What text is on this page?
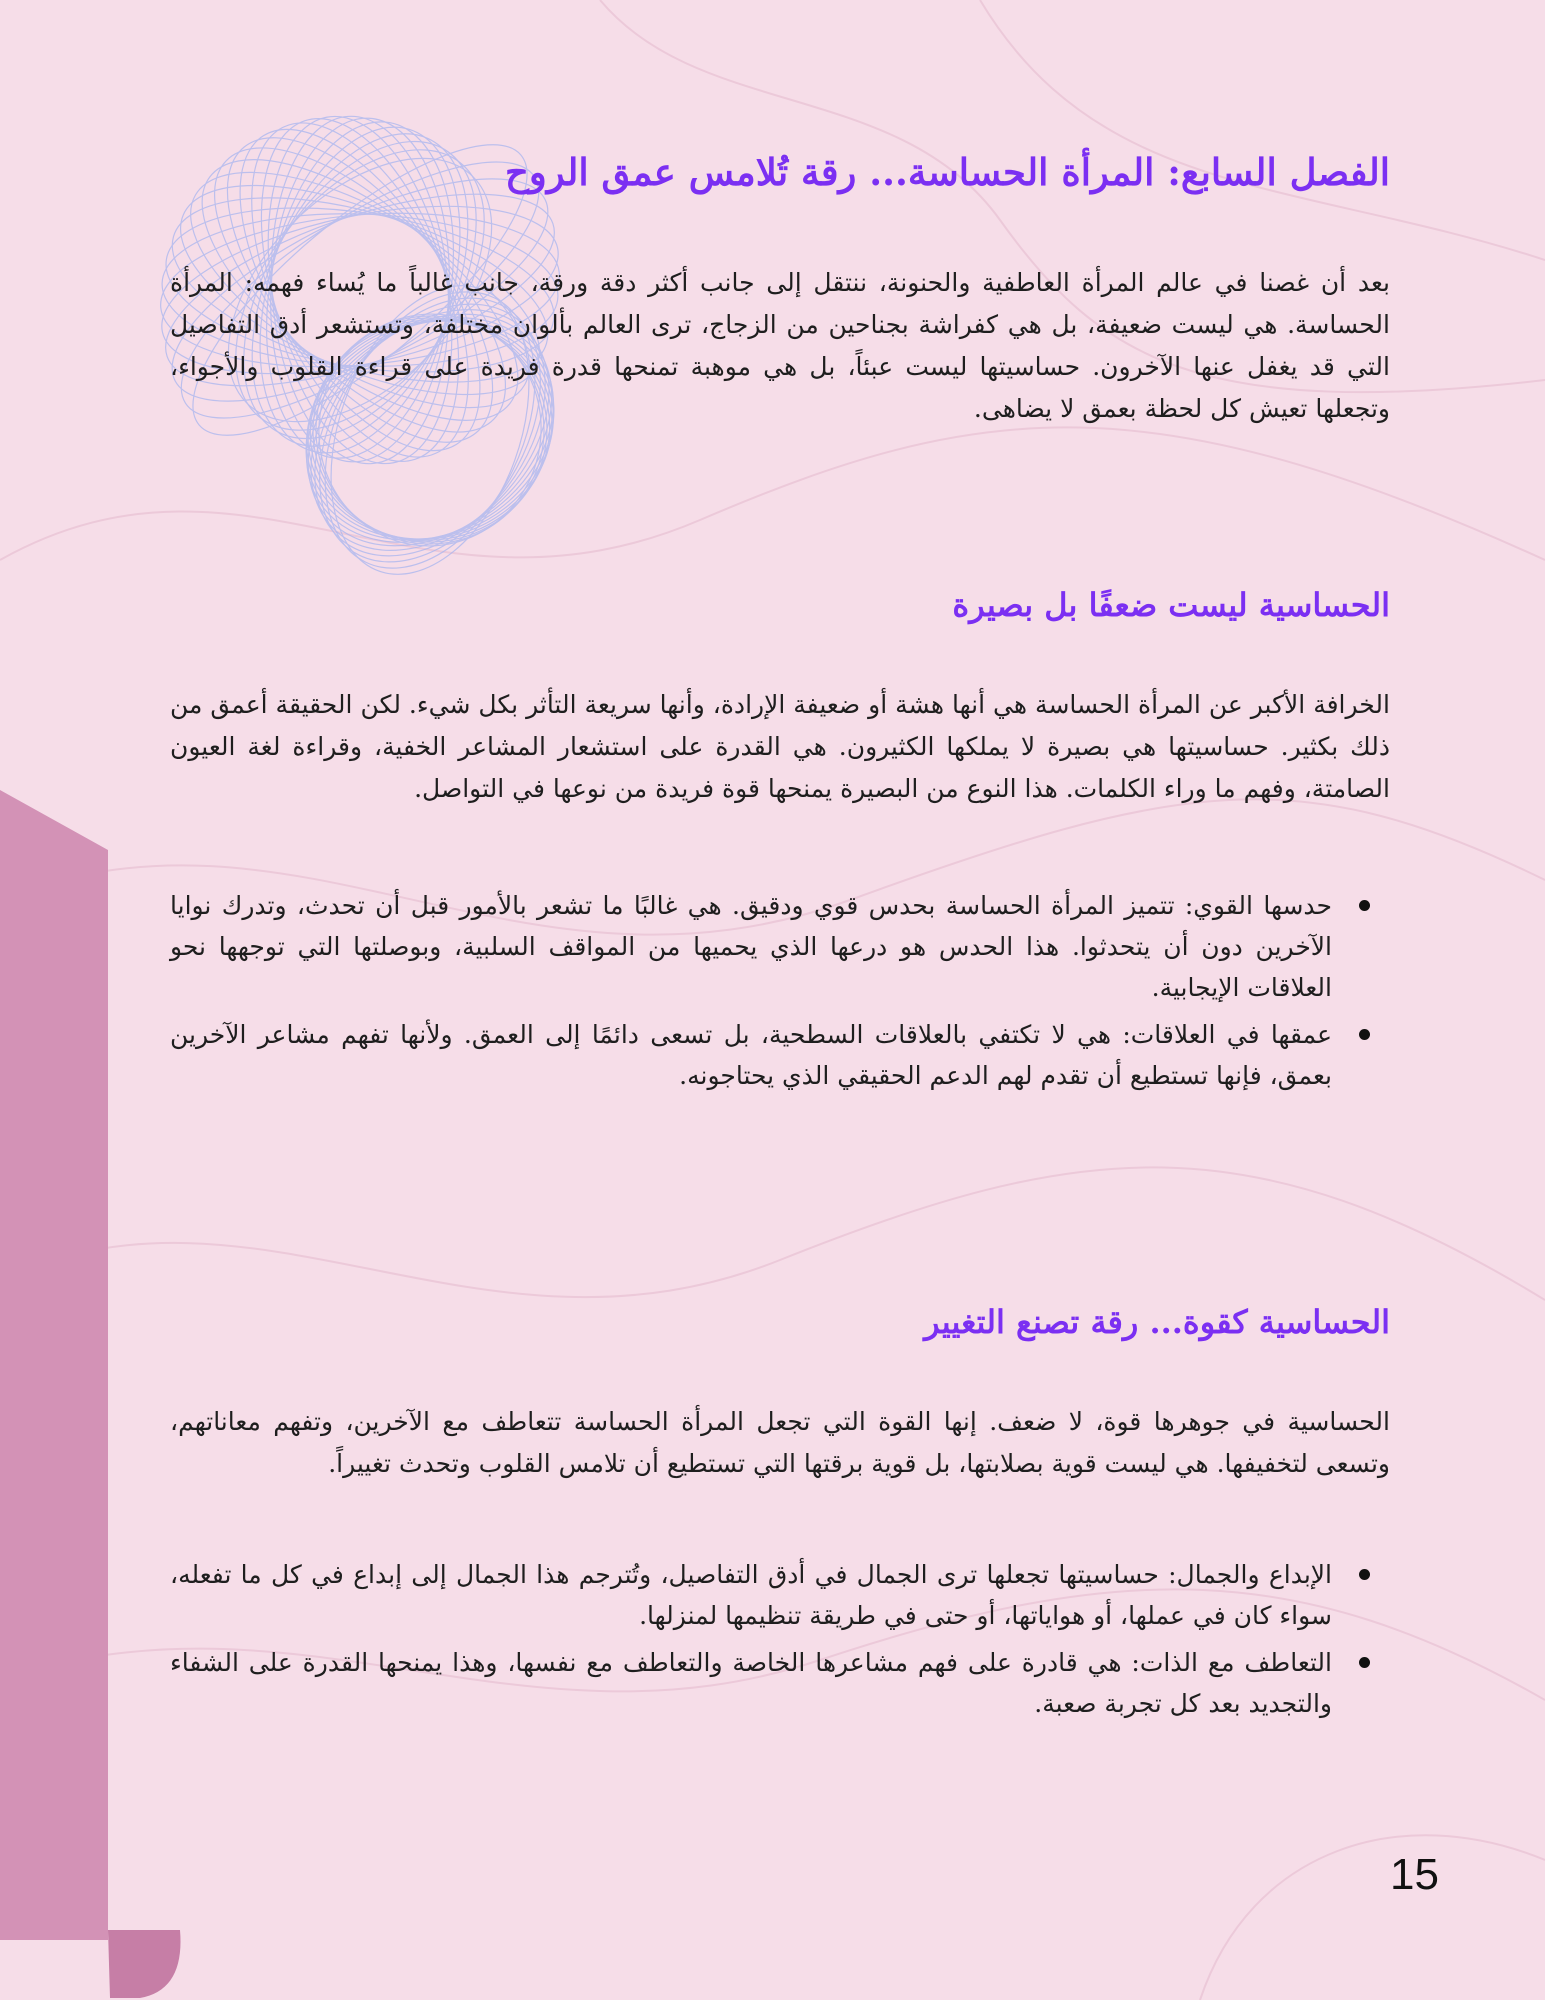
الفصل السابع: المرأة الحساسة... رقة تُلامس عمق الروح

بعد أن غصنا في عالم المرأة العاطفية والحنونة، ننتقل إلى جانب أكثر دقة ورقة، جانب غالباً ما يُساء فهمه: المرأة الحساسة. هي ليست ضعيفة، بل هي كفراشة بجناحين من الزجاج، ترى العالم بألوان مختلفة، وتستشعر أدق التفاصيل التي قد يغفل عنها الآخرون. حساسيتها ليست عبئاً، بل هي موهبة تمنحها قدرة فريدة على قراءة القلوب والأجواء، وتجعلها تعيش كل لحظة بعمق لا يضاهى.

الحساسية ليست ضعفًا بل بصيرة

الخرافة الأكبر عن المرأة الحساسة هي أنها هشة أو ضعيفة الإرادة، وأنها سريعة التأثر بكل شيء. لكن الحقيقة أعمق من ذلك بكثير. حساسيتها هي بصيرة لا يملكها الكثيرون. هي القدرة على استشعار المشاعر الخفية، وقراءة لغة العيون الصامتة، وفهم ما وراء الكلمات. هذا النوع من البصيرة يمنحها قوة فريدة من نوعها في التواصل.

حدسها القوي: تتميز المرأة الحساسة بحدس قوي ودقيق. هي غالبًا ما تشعر بالأمور قبل أن تحدث، وتدرك نوايا الآخرين دون أن يتحدثوا. هذا الحدس هو درعها الذي يحميها من المواقف السلبية، وبوصلتها التي توجهها نحو العلاقات الإيجابية.
عمقها في العلاقات: هي لا تكتفي بالعلاقات السطحية، بل تسعى دائمًا إلى العمق. ولأنها تفهم مشاعر الآخرين بعمق، فإنها تستطيع أن تقدم لهم الدعم الحقيقي الذي يحتاجونه.
الحساسية كقوة... رقة تصنع التغيير

الحساسية في جوهرها قوة، لا ضعف. إنها القوة التي تجعل المرأة الحساسة تتعاطف مع الآخرين، وتفهم معاناتهم، وتسعى لتخفيفها. هي ليست قوية بصلابتها، بل قوية برقتها التي تستطيع أن تلامس القلوب وتحدث تغييراً.

الإبداع والجمال: حساسيتها تجعلها ترى الجمال في أدق التفاصيل، وتُترجم هذا الجمال إلى إبداع في كل ما تفعله، سواء كان في عملها، أو هواياتها، أو حتى في طريقة تنظيمها لمنزلها.
التعاطف مع الذات: هي قادرة على فهم مشاعرها الخاصة والتعاطف مع نفسها، وهذا يمنحها القدرة على الشفاء والتجديد بعد كل تجربة صعبة.
15
